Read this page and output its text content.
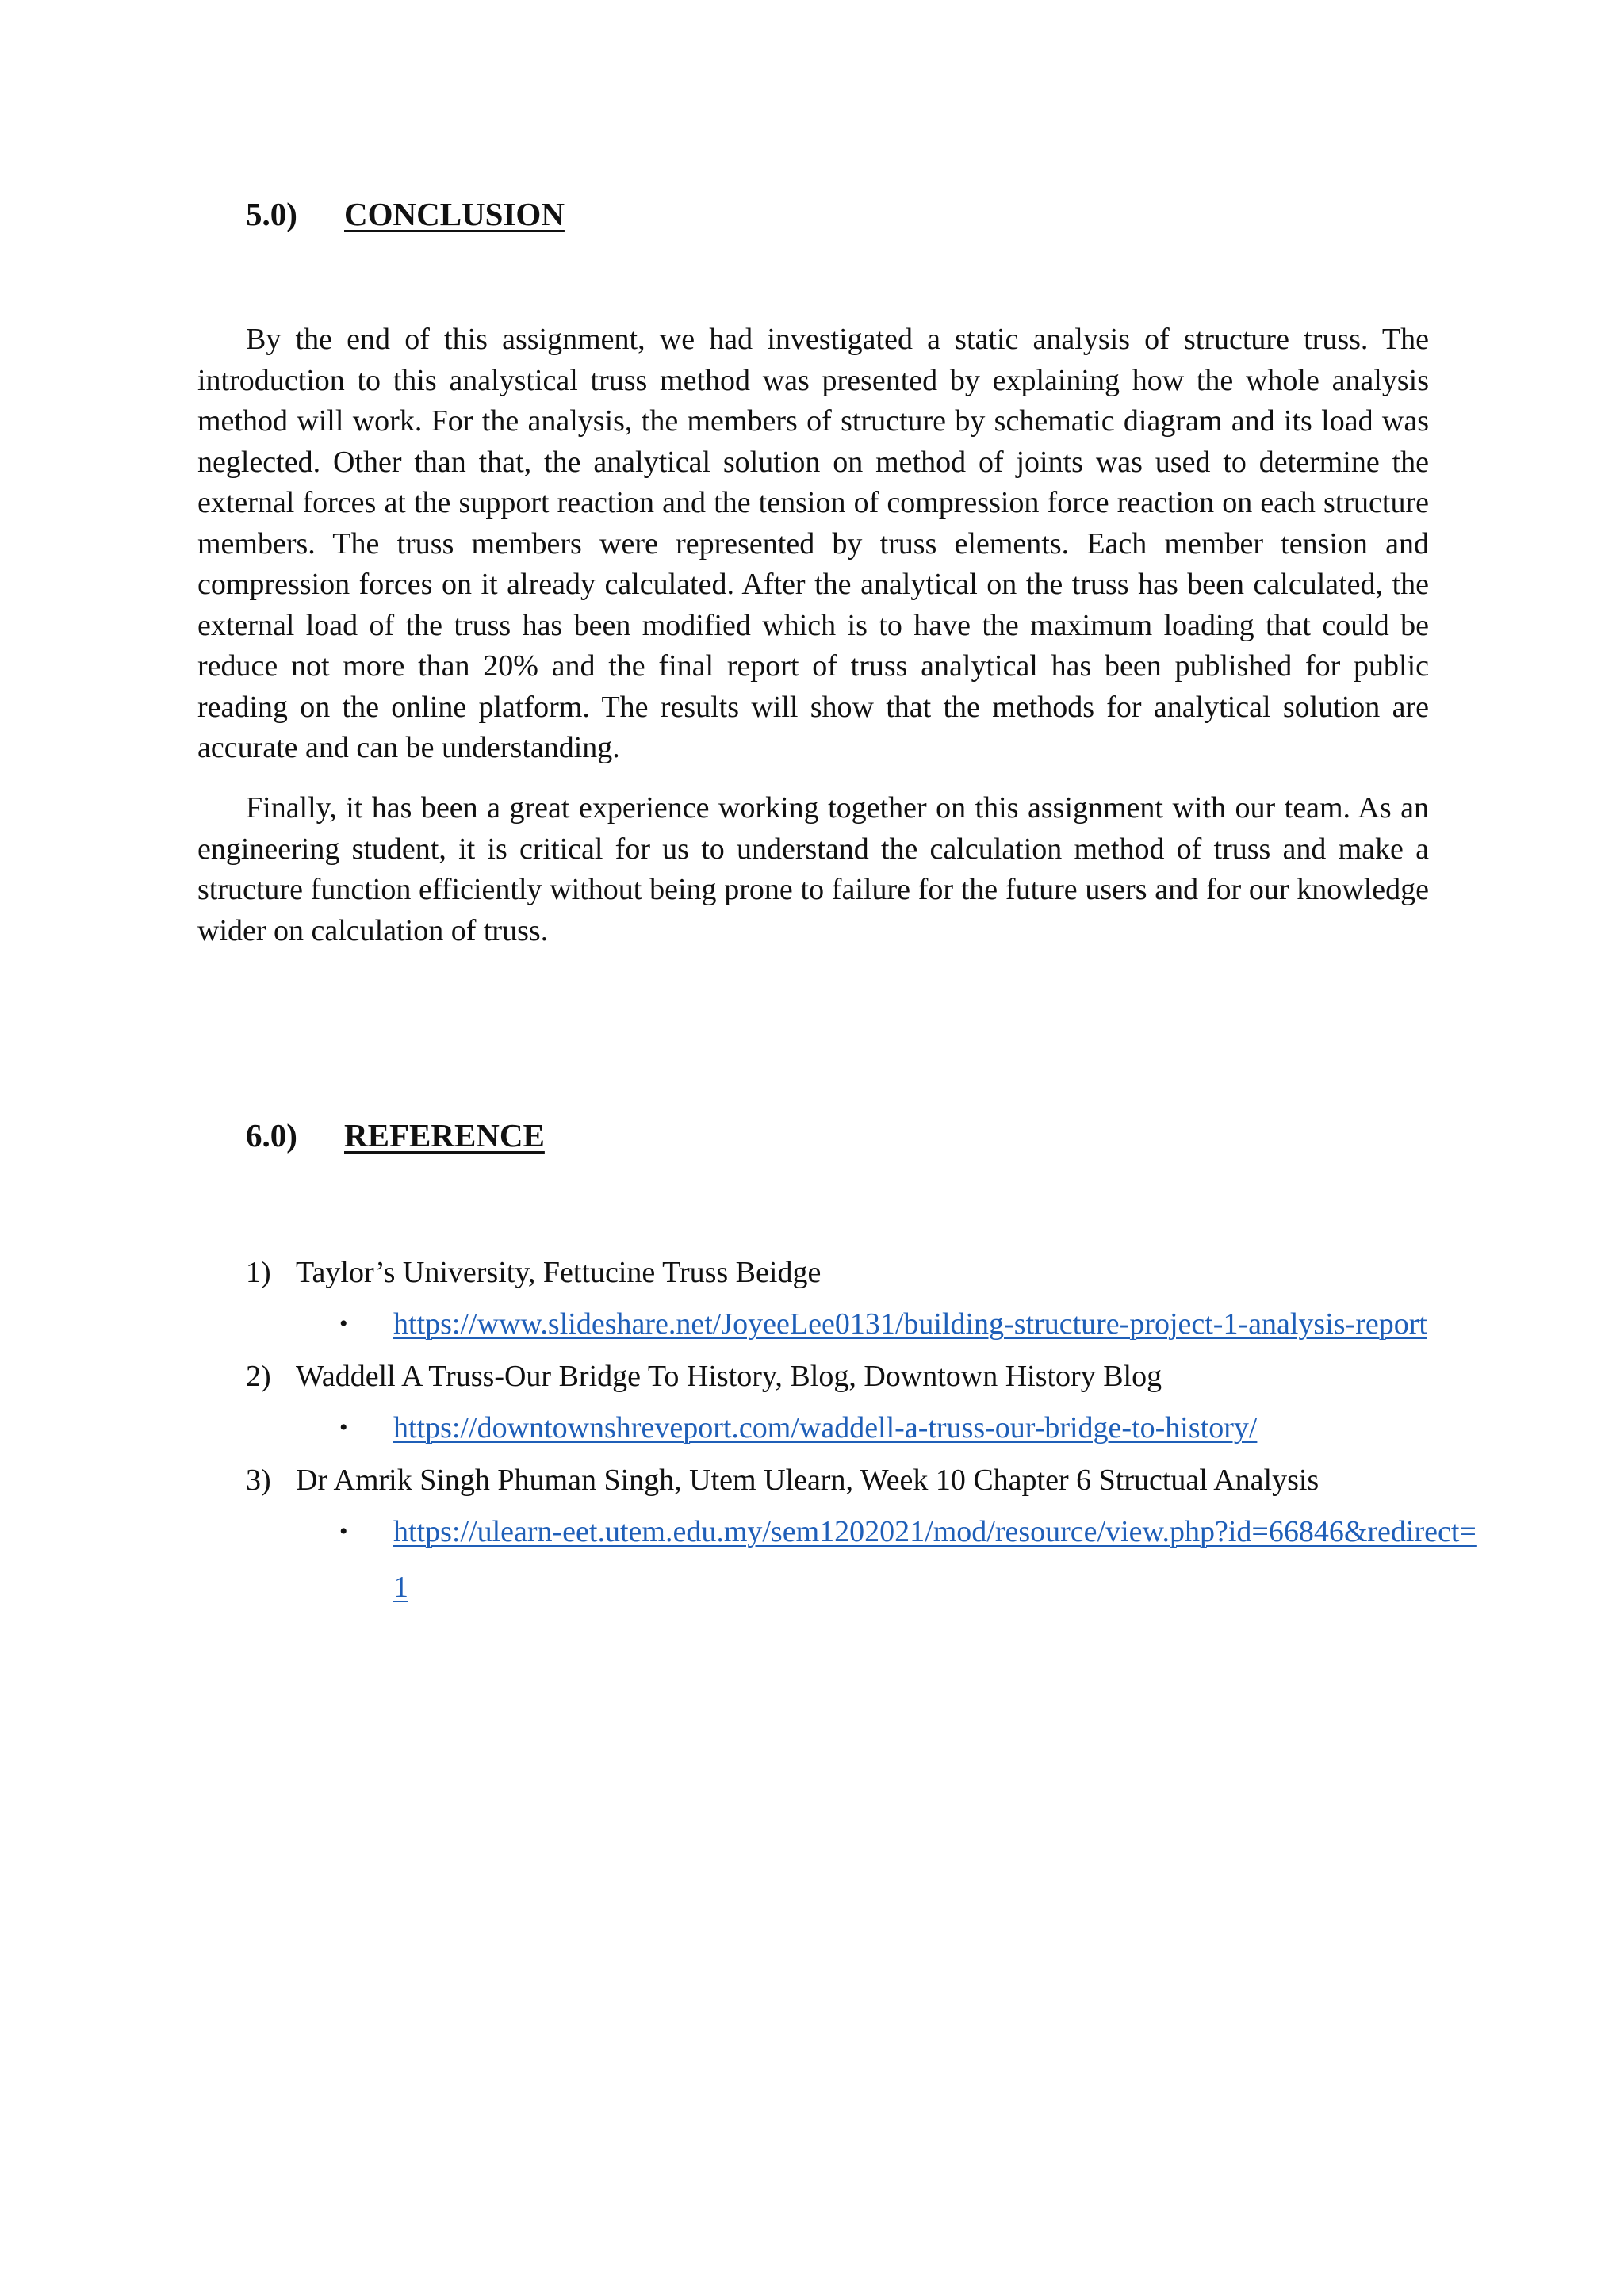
5.0) CONCLUSION

By the end of this assignment, we had investigated a static analysis of structure truss. The introduction to this analystical truss method was presented by explaining how the whole analysis method will work. For the analysis, the members of structure by schematic diagram and its load was neglected. Other than that, the analytical solution on method of joints was used to determine the external forces at the support reaction and the tension of compression force reaction on each structure members. The truss members were represented by truss elements. Each member tension and compression forces on it already calculated. After the analytical on the truss has been calculated, the external load of the truss has been modified which is to have the maximum loading that could be reduce not more than 20% and the final report of truss analytical has been published for public reading on the online platform. The results will show that the methods for analytical solution are accurate and can be understanding.

Finally, it has been a great experience working together on this assignment with our team. As an engineering student, it is critical for us to understand the calculation method of truss and make a structure function efficiently without being prone to failure for the future users and for our knowledge wider on calculation of truss.

6.0) REFERENCE
1) Taylor’s University, Fettucine Truss Beidge
• https://www.slideshare.net/JoyeeLee0131/building-structure-project-1-analysis-report
2) Waddell A Truss-Our Bridge To History, Blog, Downtown History Blog
• https://downtownshreveport.com/waddell-a-truss-our-bridge-to-history/
3) Dr Amrik Singh Phuman Singh, Utem Ulearn, Week 10 Chapter 6 Structual Analysis
• https://ulearn-eet.utem.edu.my/sem1202021/mod/resource/view.php?id=66846&redirect=1
